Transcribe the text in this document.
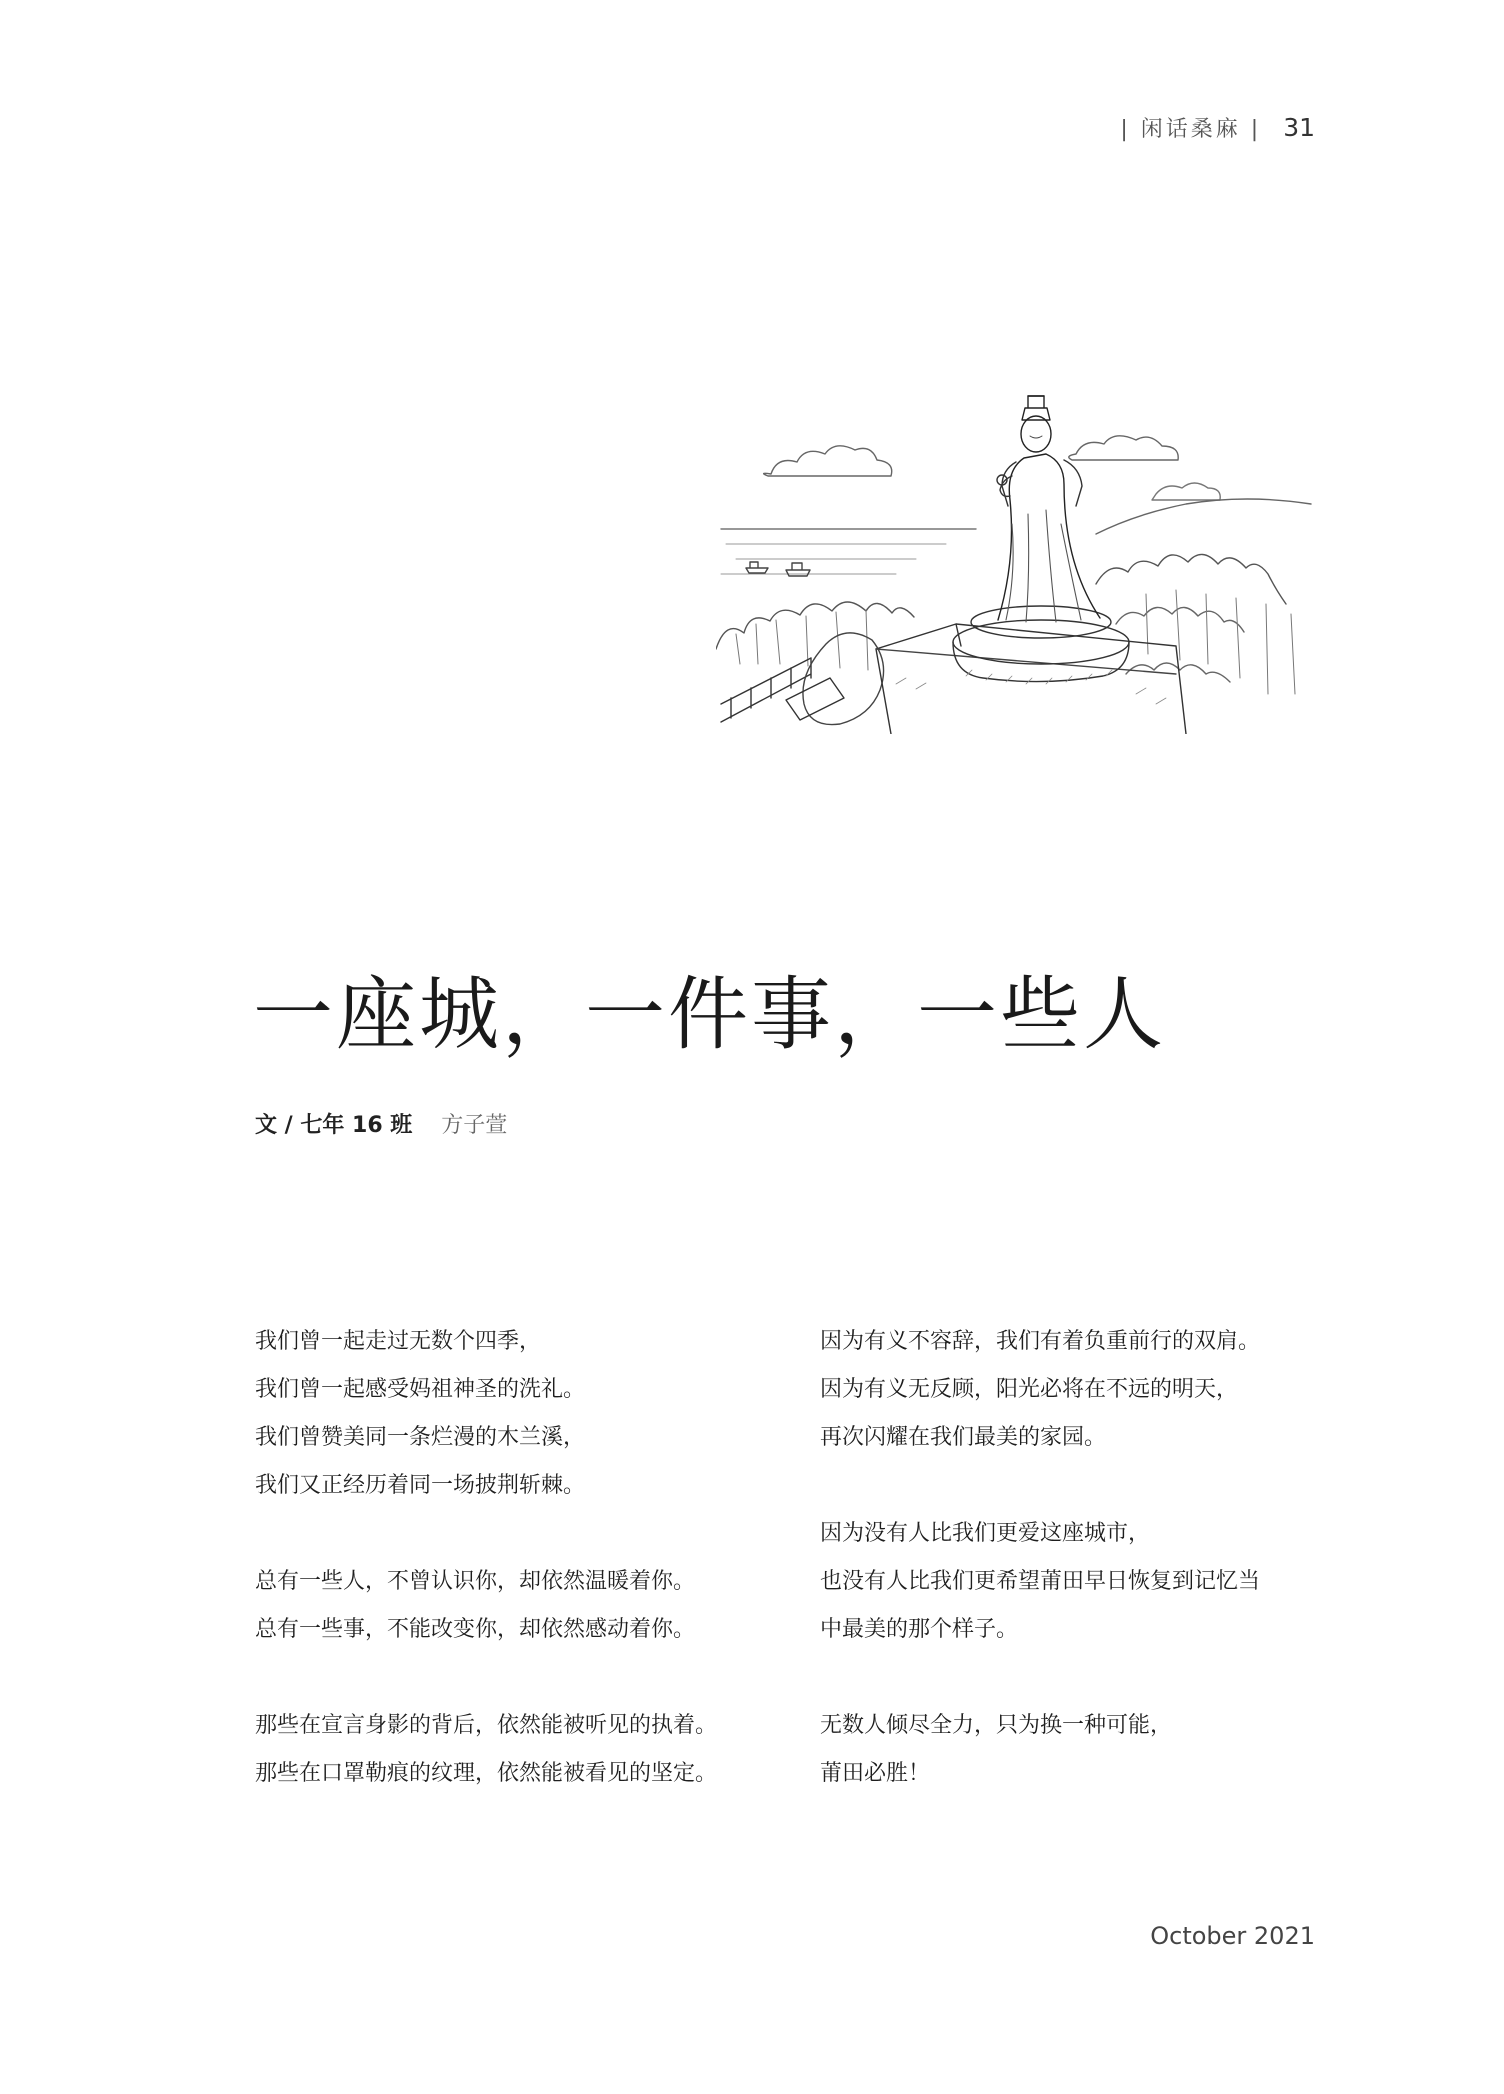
| 闲话桑麻 | 31
一座城，一件事，一些人
文 / 七年 16 班 方子萱

我们曾一起走过无数个四季，

我们曾一起感受妈祖神圣的洗礼。

我们曾赞美同一条烂漫的木兰溪，

我们又正经历着同一场披荆斩棘。

总有一些人，不曾认识你，却依然温暖着你。

总有一些事，不能改变你，却依然感动着你。

那些在宣言身影的背后，依然能被听见的执着。

那些在口罩勒痕的纹理，依然能被看见的坚定。

因为有义不容辞，我们有着负重前行的双肩。

因为有义无反顾，阳光必将在不远的明天，

再次闪耀在我们最美的家园。

因为没有人比我们更爱这座城市，

也没有人比我们更希望莆田早日恢复到记忆当

中最美的那个样子。

无数人倾尽全力，只为换一种可能，

莆田必胜！

October 2021
